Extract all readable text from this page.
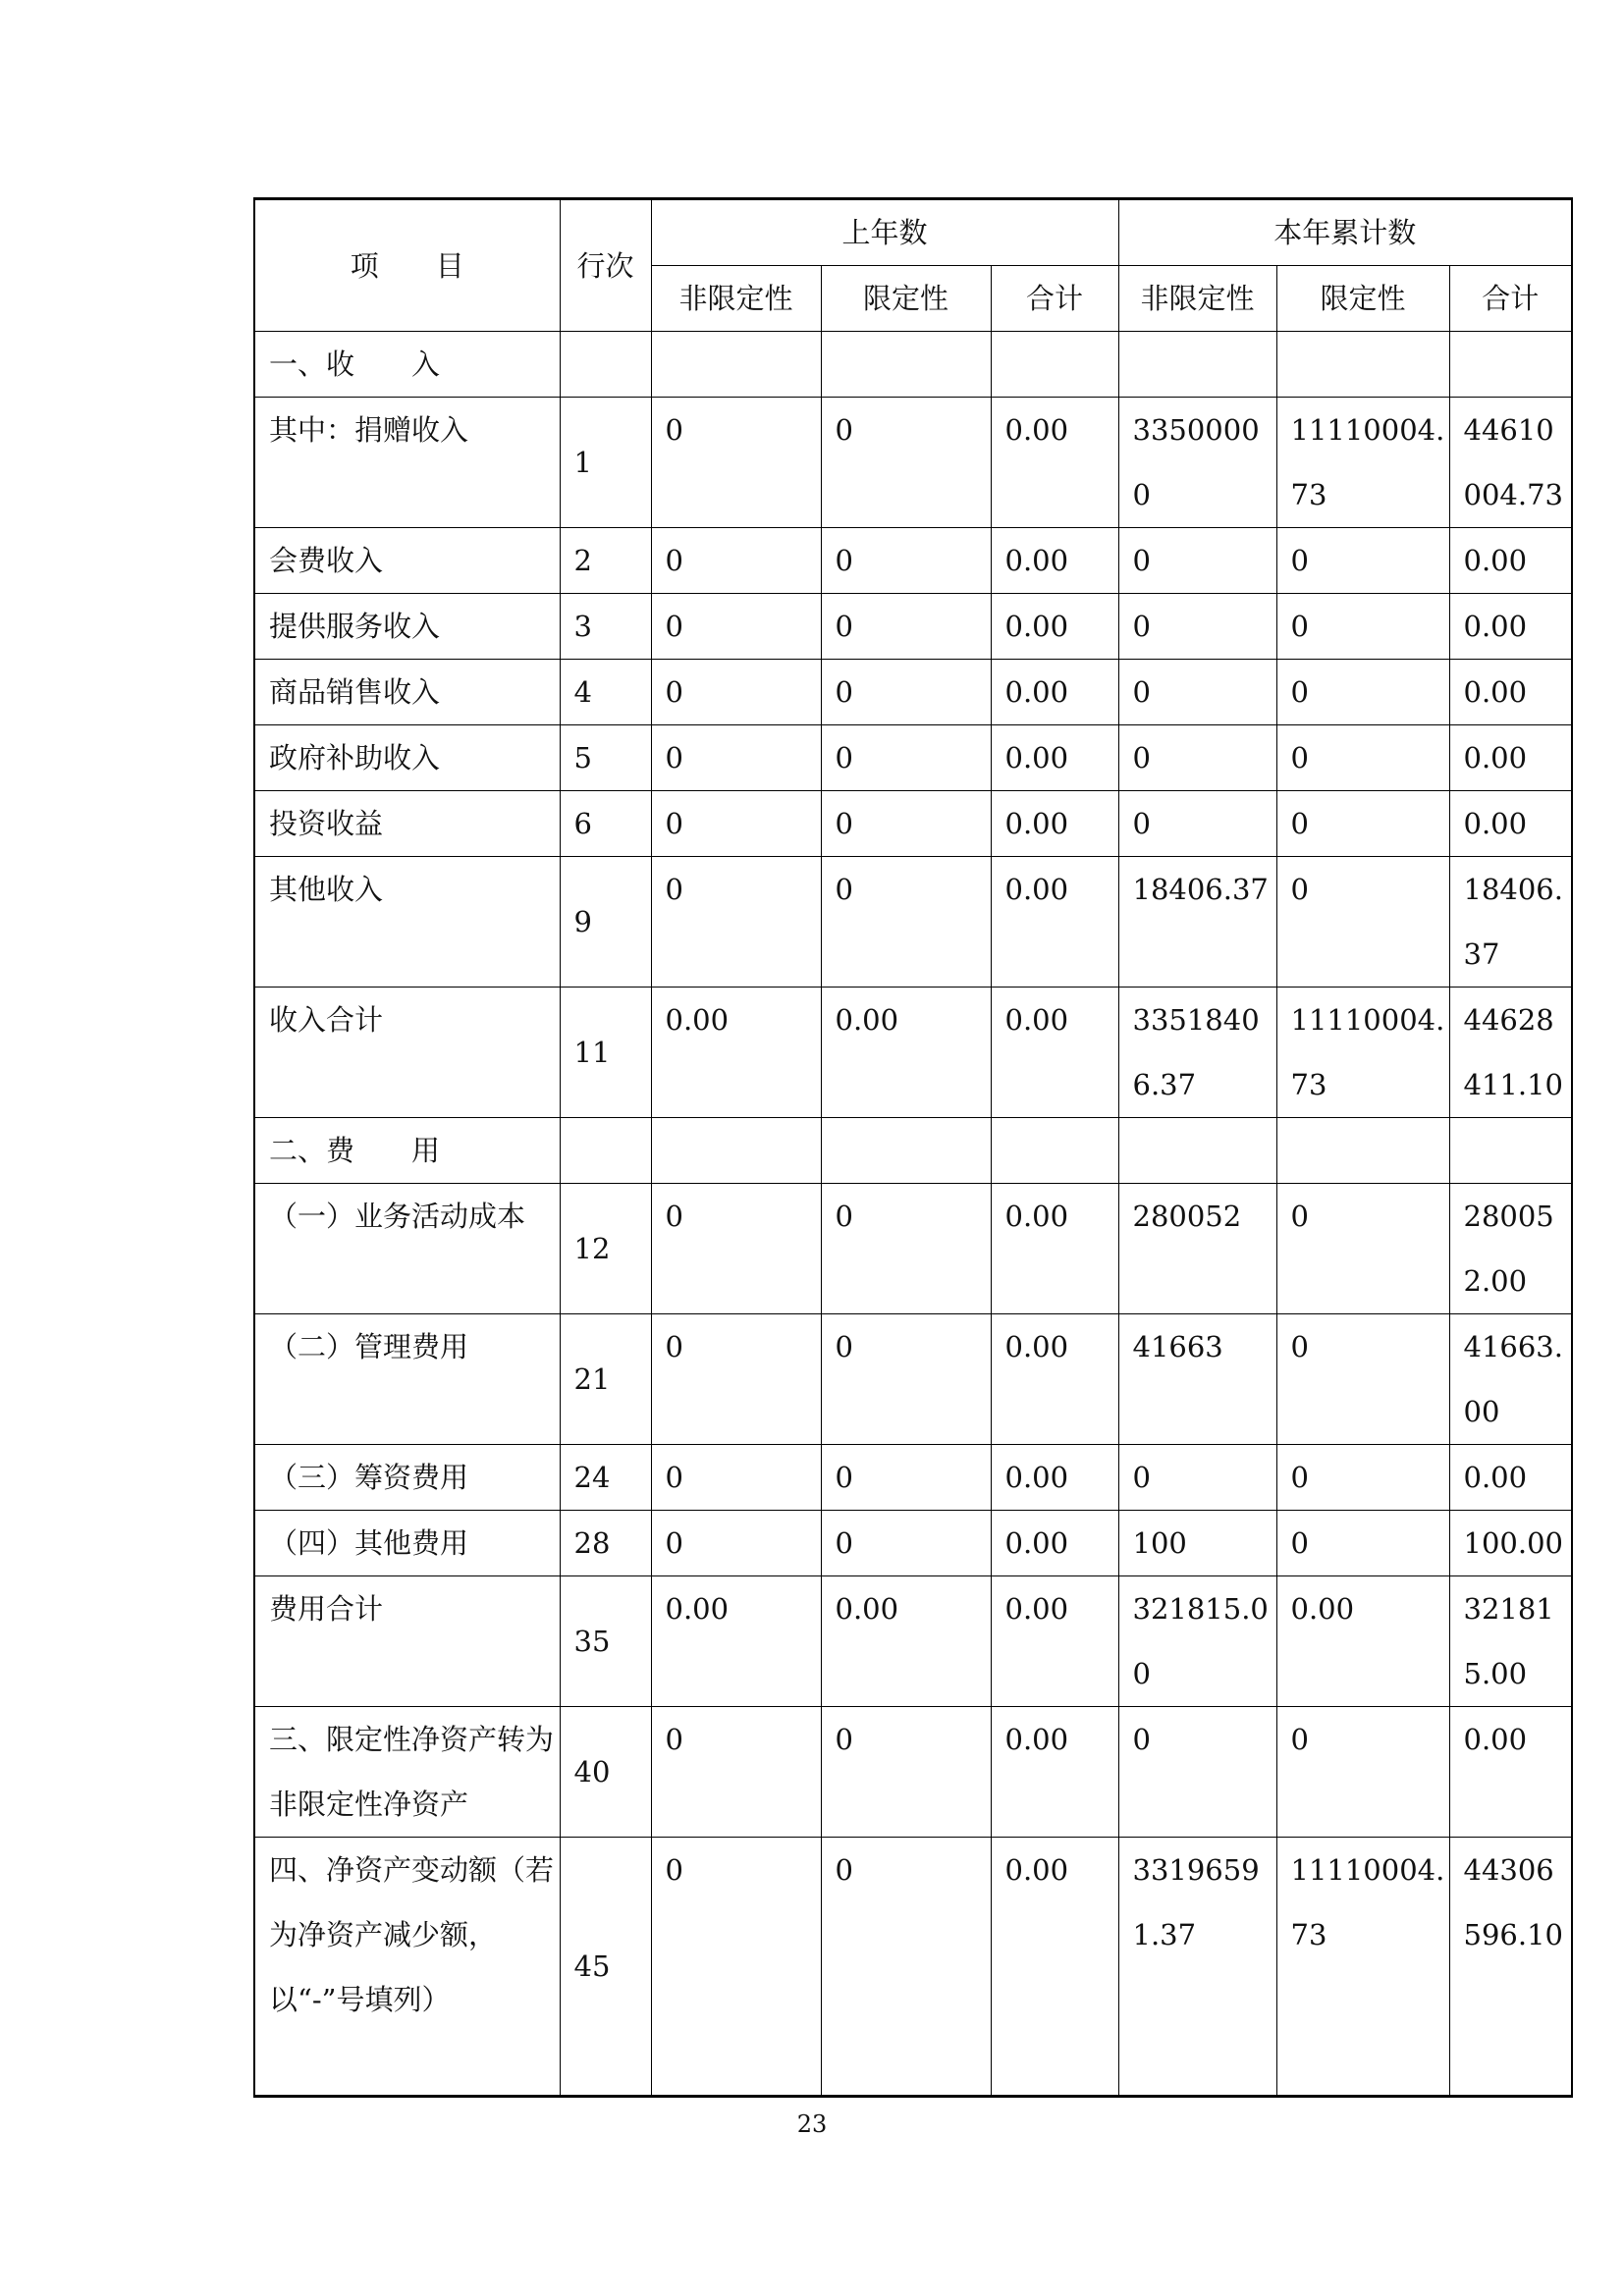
项　　目	行次	上年数			本年累计数		
		非限定性	限定性	合计	非限定性	限定性	合计
一、收　　入							
其中：捐赠收入	1	0	0	0.00	33500000	11110004.73	44610004.73
会费收入	2	0	0	0.00	0	0	0.00
提供服务收入	3	0	0	0.00	0	0	0.00
商品销售收入	4	0	0	0.00	0	0	0.00
政府补助收入	5	0	0	0.00	0	0	0.00
投资收益	6	0	0	0.00	0	0	0.00
其他收入	9	0	0	0.00	18406.37	0	18406.37
收入合计	11	0.00	0.00	0.00	33518406.37	11110004.73	44628411.10
二、费　　用							
（一）业务活动成本	12	0	0	0.00	280052	0	280052.00
（二）管理费用	21	0	0	0.00	41663	0	41663.00
（三）筹资费用	24	0	0	0.00	0	0	0.00
（四）其他费用	28	0	0	0.00	100	0	100.00
费用合计	35	0.00	0.00	0.00	321815.00	0.00	321815.00
三、限定性净资产转为非限定性净资产	40	0	0	0.00	0	0	0.00
四、净资产变动额（若为净资产减少额，以“-”号填列）	45	0	0	0.00	33196591.37	11110004.73	44306596.10
23
